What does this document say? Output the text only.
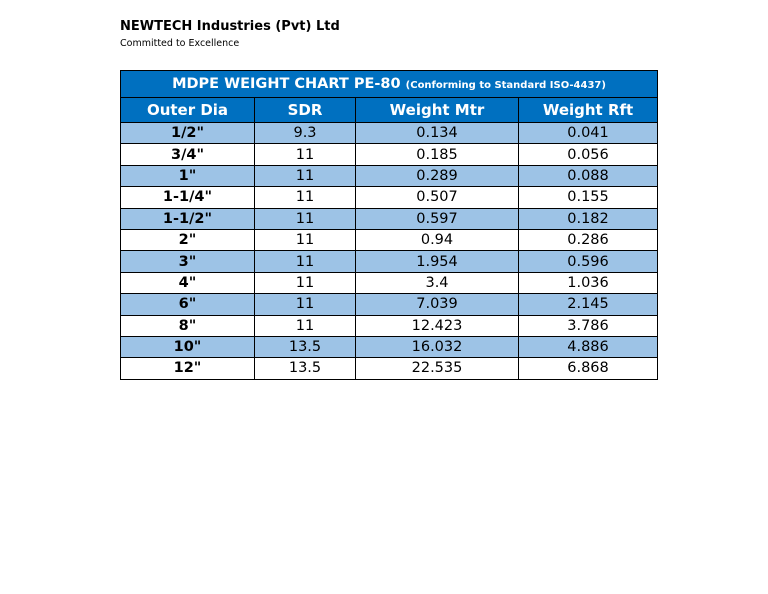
NEWTECH Industries (Pvt) Ltd
Committed to Excellence
MDPE WEIGHT CHART PE-80 (Conforming to Standard ISO-4437)			
Outer Dia	SDR	Weight Mtr	Weight Rft
1/2"	9.3	0.134	0.041
3/4"	11	0.185	0.056
1"	11	0.289	0.088
1-1/4"	11	0.507	0.155
1-1/2"	11	0.597	0.182
2"	11	0.94	0.286
3"	11	1.954	0.596
4"	11	3.4	1.036
6"	11	7.039	2.145
8"	11	12.423	3.786
10"	13.5	16.032	4.886
12"	13.5	22.535	6.868
